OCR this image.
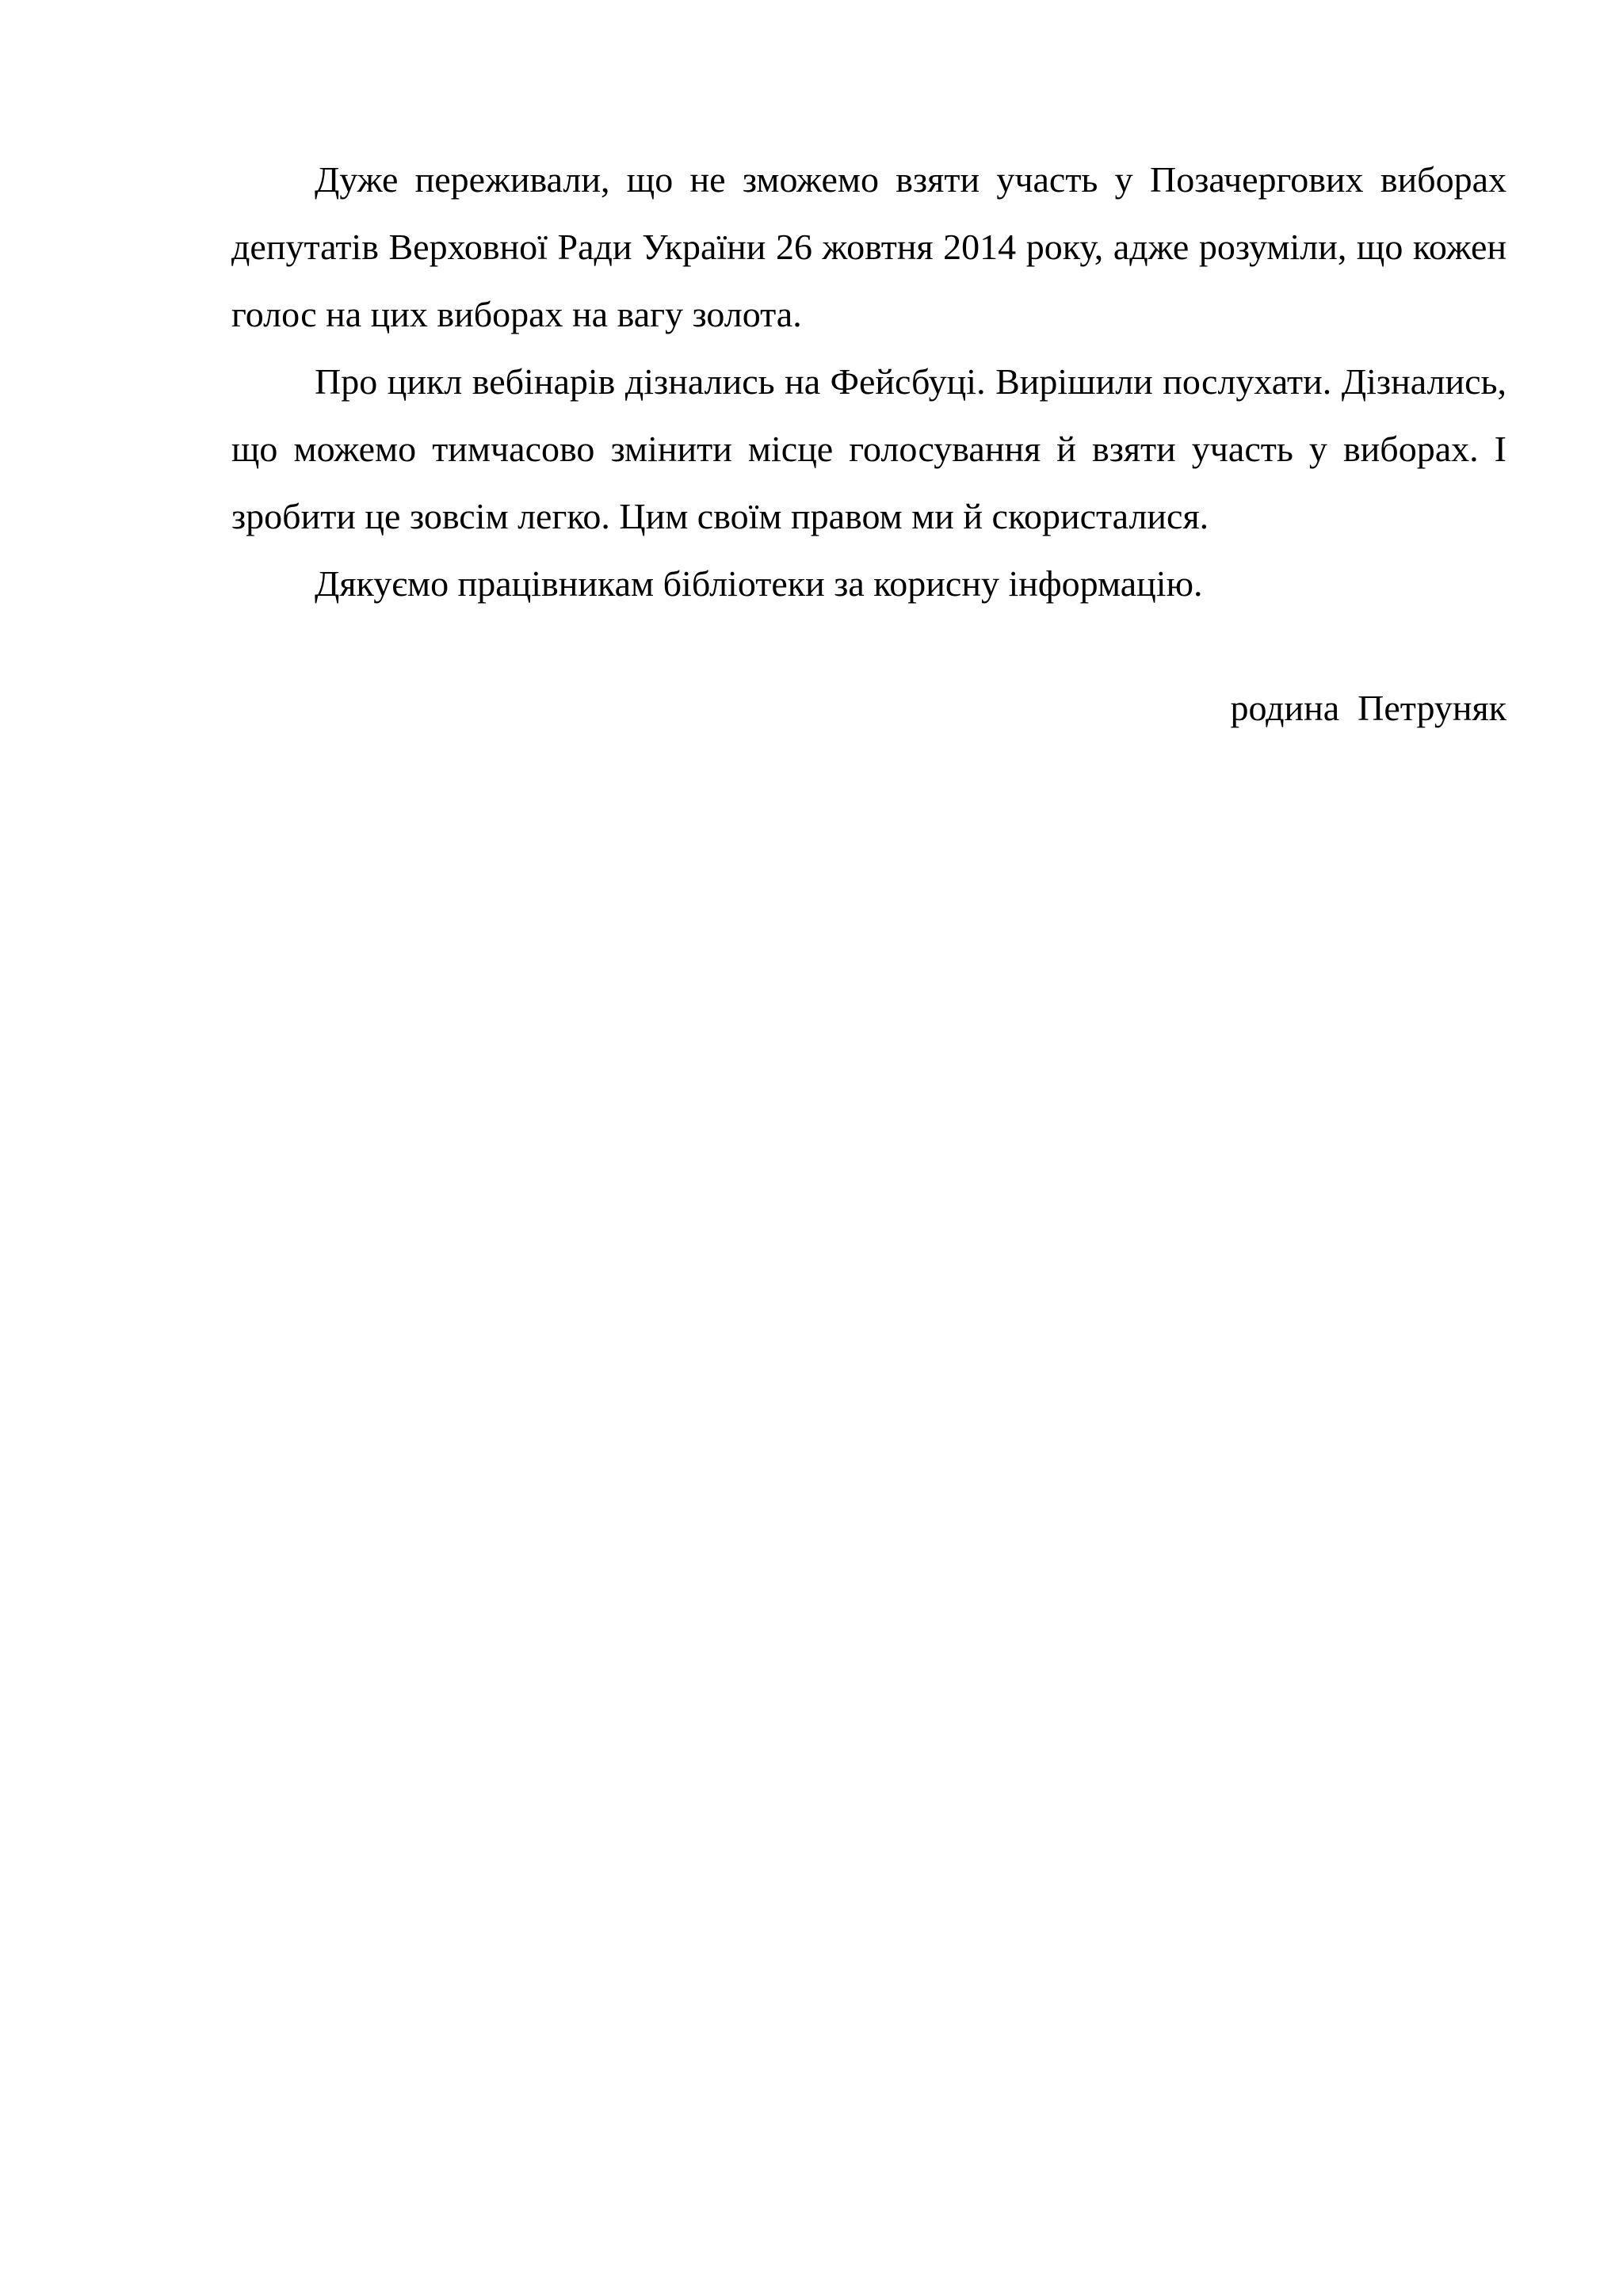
Дуже переживали, що не зможемо взяти участь у Позачергових виборах депутатів Верховної Ради України 26 жовтня 2014 року, адже розуміли, що кожен голос на цих виборах на вагу золота.

Про цикл вебінарів дізнались на Фейсбуці. Вирішили послухати. Дізнались, що можемо тимчасово змінити місце голосування й взяти участь у виборах. І зробити це зовсім легко. Цим своїм правом ми й скористалися.

Дякуємо працівникам бібліотеки за корисну інформацію.

родина  Петруняк
